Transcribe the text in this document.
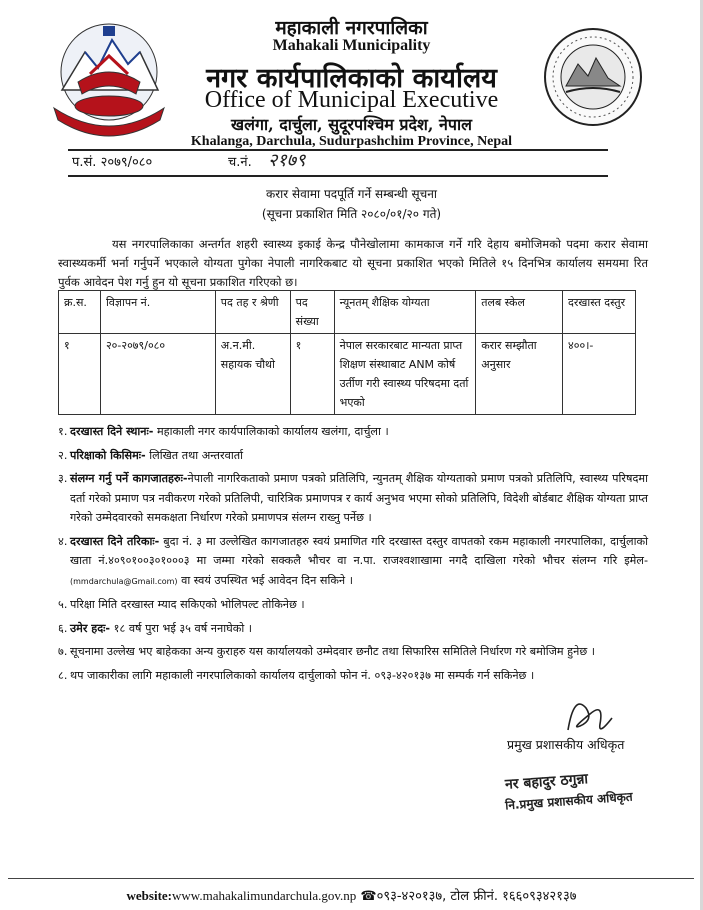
महाकाली नगरपालिका
Mahakali Municipality
नगर कार्यपालिकाको कार्यालय
Office of Municipal Executive
खलंगा, दार्चुला, सुदूरपश्चिम प्रदेश, नेपाल
Khalanga, Darchula, Sudurpashchim Province, Nepal
प.सं. २०७९/०८०	च.नं. २१७९
करार सेवामा पदपूर्ति गर्ने सम्बन्धी सूचना
(सूचना प्रकाशित मिति २०८०/०१/२० गते)
यस नगरपालिकाका अन्तर्गत शहरी स्वास्थ्य इकाई केन्द्र पौनेखोलामा कामकाज गर्ने गरि देहाय बमोजिमको पदमा करार सेवामा स्वास्थ्यकर्मी भर्ना गर्नुपर्ने भएकाले योग्यता पुगेका नेपाली नागरिकबाट यो सूचना प्रकाशित भएको मितिले १५ दिनभित्र कार्यालय समयमा रित पुर्वक आवेदन पेश गर्नु हुन यो सूचना प्रकाशित गरिएको छ।
क्र.स.	विज्ञापन नं.	पद तह र श्रेणी	पद संख्या	न्यूनतम् शैक्षिक योग्यता	तलब स्केल	दरखास्त दस्तुर
१	२०-२०७९/०८०	अ.न.मी. सहायक चौथो	१	नेपाल सरकारबाट मान्यता प्राप्त शिक्षण संस्थाबाट ANM कोर्ष उर्तीण गरी स्वास्थ्य परिषदमा दर्ता भएको	करार सम्झौता अनुसार	४००।-
१. दरखास्त दिने स्थानः- महाकाली नगर कार्यपालिकाको कार्यालय खलंगा, दार्चुला ।
२. परिक्षाको किसिमः- लिखित तथा अन्तरवार्ता
३. संलग्न गर्नु पर्ने कागजातहरुः-नेपाली नागरिकताको प्रमाण पत्रको प्रतिलिपि, न्युनतम् शैक्षिक योग्यताको प्रमाण पत्रको प्रतिलिपि, स्वास्थ्य परिषदमा दर्ता गरेको प्रमाण पत्र नवीकरण गरेको प्रतिलिपी, चारित्रिक प्रमाणपत्र र कार्य अनुभव भएमा सोको प्रतिलिपि, विदेशी बोर्डबाट शैक्षिक योग्यता प्राप्त गरेको उम्मेदवारको समकक्षता निर्धारण गरेको प्रमाणपत्र संलग्न राख्नु पर्नेछ ।
४. दरखास्त दिने तरिकाः- बुदा नं. ३ मा उल्लेखित कागजातहरु स्वयं प्रमाणित गरि दरखास्त दस्तुर वापतको रकम महाकाली नगरपालिका, दार्चुलाको खाता नं.४०९०१००३०१०००३ मा जम्मा गरेको सक्कलै भौचर वा न.पा. राजश्वशाखामा नगदै दाखिला गरेको भौचर संलग्न गरि इमेल-(mmdarchula@Gmail.com) वा स्वयं उपस्थित भई आवेदन दिन सकिने ।
५. परिक्षा मिति दरखास्त म्याद सकिएको भोलिपल्ट तोकिनेछ ।
६. उमेर हदः- १८ वर्ष पुरा भई ३५ वर्ष ननाघेको ।
७. सूचनामा उल्लेख भए बाहेकका अन्य कुराहरु यस कार्यालयको उम्मेदवार छनौट तथा सिफारिस समितिले निर्धारण गरे बमोजिम हुनेछ ।
८. थप जाकारीका लागि महाकाली नगरपालिकाको कार्यालय दार्चुलाको फोन नं. ०९३-४२०१३७ मा सम्पर्क गर्न सकिनेछ ।
प्रमुख प्रशासकीय अधिकृत
नर बहादुर ठगुन्ना
नि.प्रमुख प्रशासकीय अधिकृत
website:www.mahakalimundarchula.gov.np ☎०९३-४२०१३७, टोल फ्रीनं. १६६०९३४२१३७
